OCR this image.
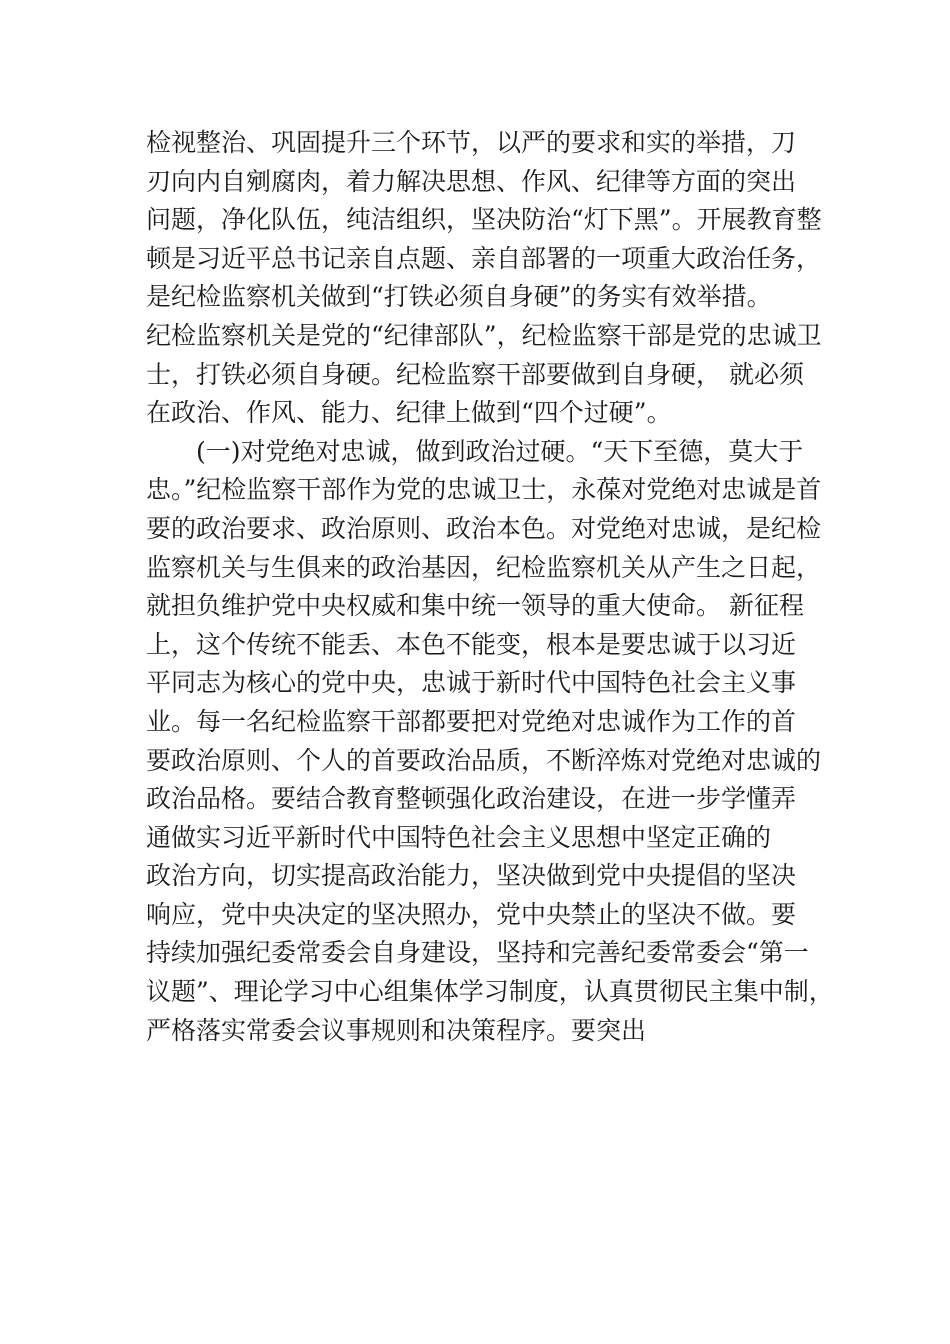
检视整治、巩固提升三个环节，以严的要求和实的举措，刀
刃向内自剜腐肉，着力解决思想、作风、纪律等方面的突出
问题，净化队伍，纯洁组织，坚决防治“灯下黑”。开展教育整
顿是习近平总书记亲自点题、亲自部署的一项重大政治任务，
是纪检监察机关做到“打铁必须自身硬”的务实有效举措。
纪检监察机关是党的“纪律部队”，纪检监察干部是党的忠诚卫
士，打铁必须自身硬。纪检监察干部要做到自身硬， 就必须
在政治、作风、能力、纪律上做到“四个过硬”。
(一)对党绝对忠诚，做到政治过硬。“天下至德，莫大于
忠。”纪检监察干部作为党的忠诚卫士，永葆对党绝对忠诚是首
要的政治要求、政治原则、政治本色。对党绝对忠诚，是纪检
监察机关与生俱来的政治基因，纪检监察机关从产生之日起，
就担负维护党中央权威和集中统一领导的重大使命。 新征程
上，这个传统不能丢、本色不能变，根本是要忠诚于以习近
平同志为核心的党中央，忠诚于新时代中国特色社会主义事
业。每一名纪检监察干部都要把对党绝对忠诚作为工作的首
要政治原则、个人的首要政治品质，不断淬炼对党绝对忠诚的
政治品格。要结合教育整顿强化政治建设，在进一步学懂弄
通做实习近平新时代中国特色社会主义思想中坚定正确的
政治方向，切实提高政治能力，坚决做到党中央提倡的坚决
响应，党中央决定的坚决照办，党中央禁止的坚决不做。要
持续加强纪委常委会自身建设，坚持和完善纪委常委会“第一
议题”、理论学习中心组集体学习制度，认真贯彻民主集中制，
严格落实常委会议事规则和决策程序。要突出
